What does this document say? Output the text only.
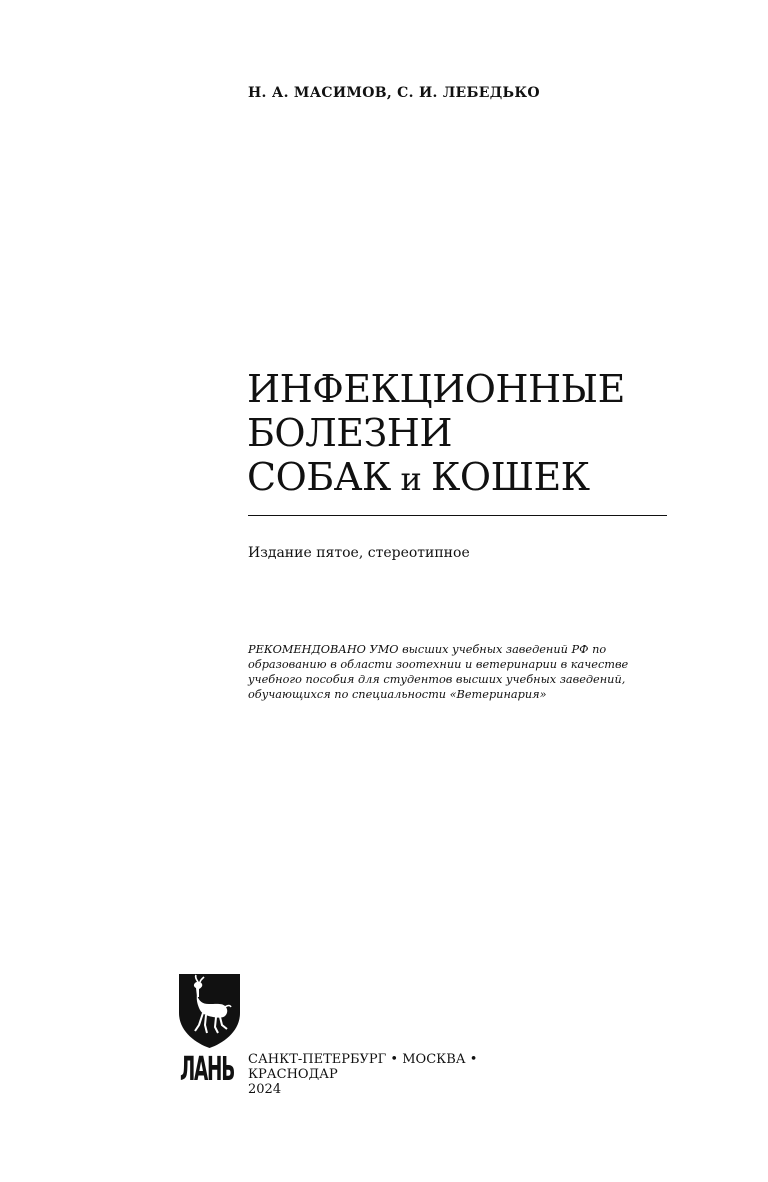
Н. А. МАСИМОВ, С. И. ЛЕБЕДЬКО
ИНФЕКЦИОННЫЕ
БОЛЕЗНИ
СОБАК и КОШЕК
Издание пятое, стереотипное
РЕКОМЕНДОВАНО УМО высших учебных заведений РФ по
образованию в области зоотехнии и ветеринарии в качестве
учебного пособия для студентов высших учебных заведений,
обучающихся по специальности «Ветеринария»
ЛАНЬ САНКТ-ПЕТЕРБУРГ • МОСКВА •
КРАСНОДАР
2024
